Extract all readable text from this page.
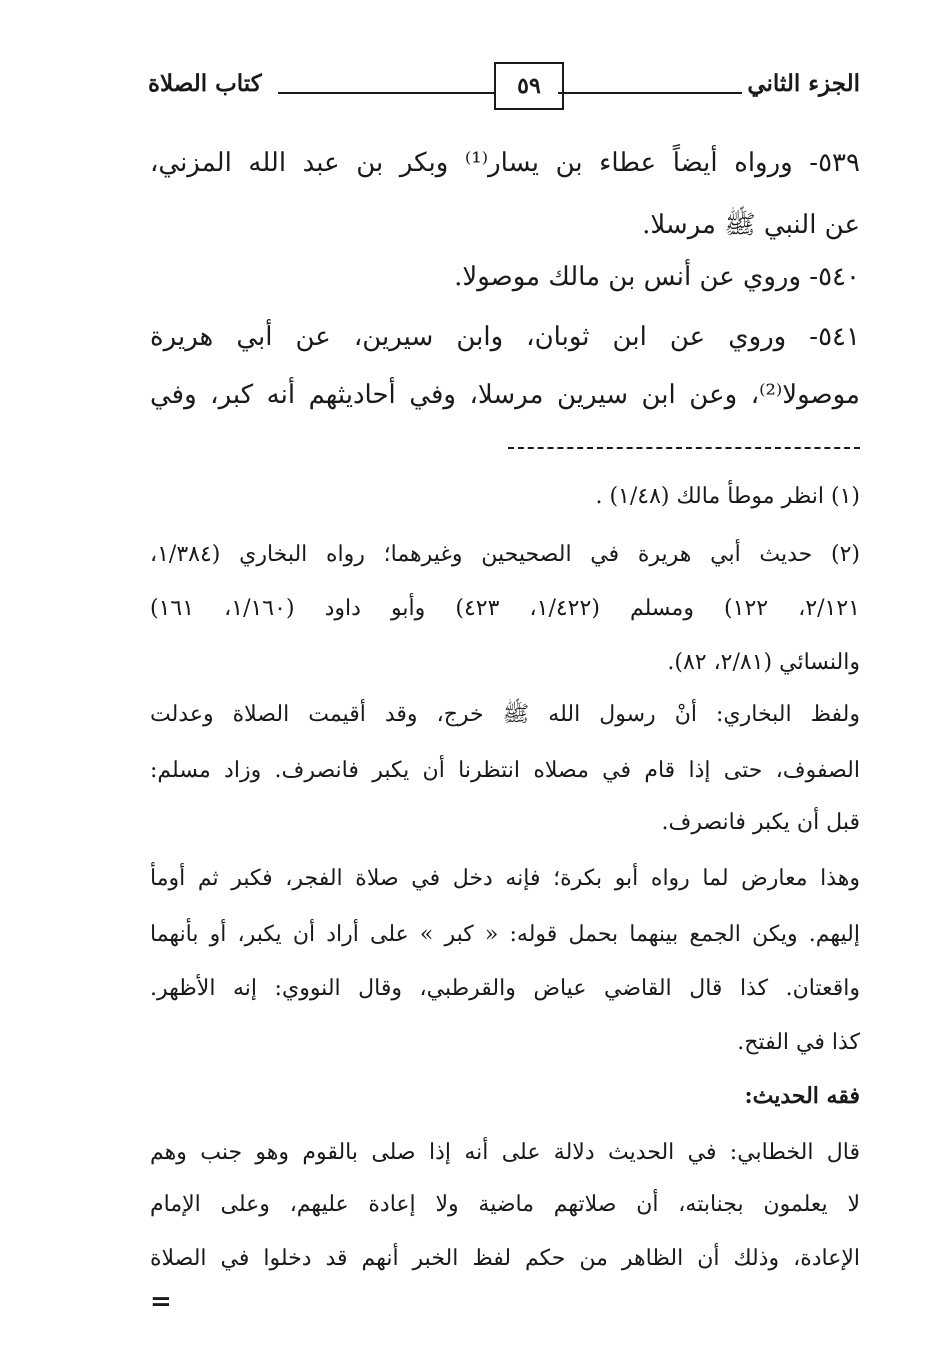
الجزء الثاني
٥٩
كتاب الصلاة
٥٣٩- ورواه أيضاً عطاء بن يسار⁽¹⁾ وبكر بن عبد الله المزني،
عن النبي ﷺ مرسلا.
٥٤٠- وروي عن أنس بن مالك موصولا.
٥٤١- وروي عن ابن ثوبان، وابن سيرين، عن أبي هريرة
موصولا⁽²⁾، وعن ابن سيرين مرسلا، وفي أحاديثهم أنه كبر، وفي
(١) انظر موطأ مالك (١/٤٨) .
(٢) حديث أبي هريرة في الصحيحين وغيرهما؛ رواه البخاري (١/٣٨٤،
٢/١٢١، ١٢٢) ومسلم (١/٤٢٢، ٤٢٣) وأبو داود (١/١٦٠، ١٦١)
والنسائي (٢/٨١، ٨٢).
ولفظ البخاري: أنْ رسول الله ﷺ خرج، وقد أقيمت الصلاة وعدلت
الصفوف، حتى إذا قام في مصلاه انتظرنا أن يكبر فانصرف. وزاد مسلم:
قبل أن يكبر فانصرف.
وهذا معارض لما رواه أبو بكرة؛ فإنه دخل في صلاة الفجر، فكبر ثم أومأ
إليهم. ويكن الجمع بينهما بحمل قوله: « كبر » على أراد أن يكبر، أو بأنهما
واقعتان. كذا قال القاضي عياض والقرطبي، وقال النووي: إنه الأظهر.
كذا في الفتح.
فقه الحديث:
قال الخطابي: في الحديث دلالة على أنه إذا صلى بالقوم وهو جنب وهم
لا يعلمون بجنابته، أن صلاتهم ماضية ولا إعادة عليهم، وعلى الإمام
الإعادة، وذلك أن الظاهر من حكم لفظ الخبر أنهم قد دخلوا في الصلاة
=
